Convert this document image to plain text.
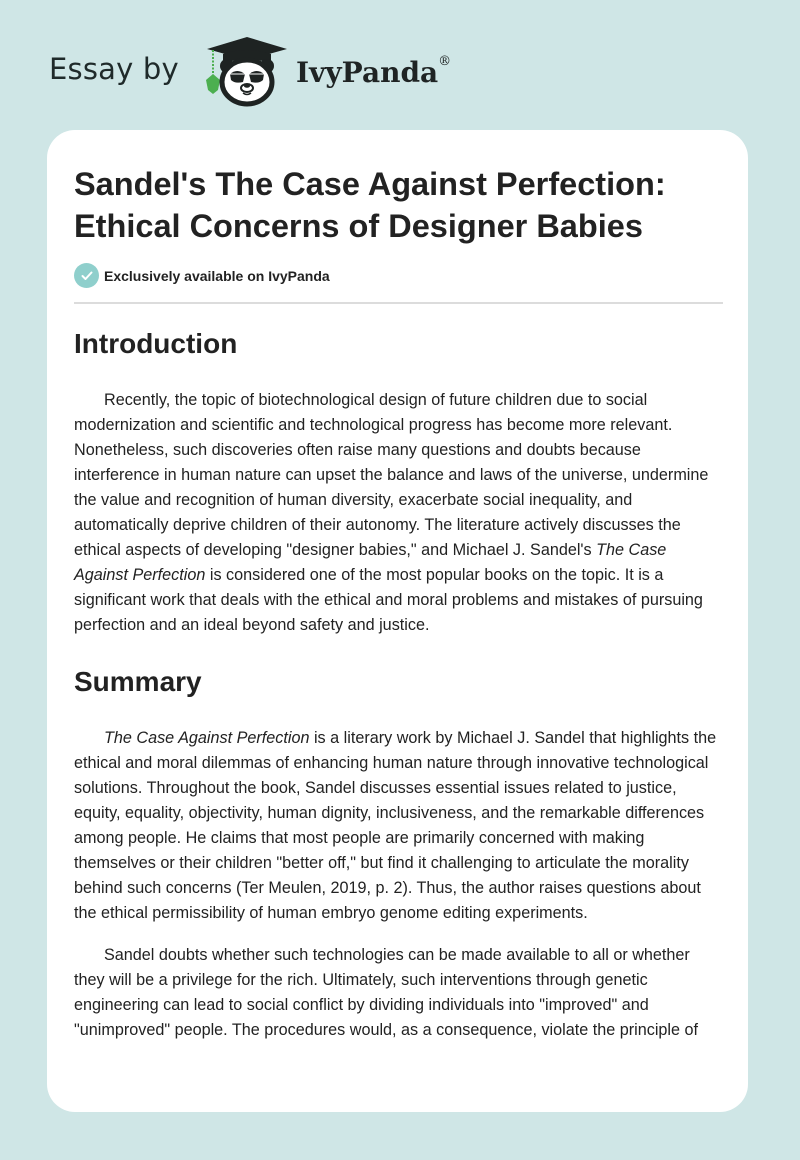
Essay by	IvyPanda®
Sandel's The Case Against Perfection: Ethical Concerns of Designer Babies
Exclusively available on IvyPanda
Introduction

Recently, the topic of biotechnological design of future children due to social modernization and scientific and technological progress has become more relevant. Nonetheless, such discoveries often raise many questions and doubts because interference in human nature can upset the balance and laws of the universe, undermine the value and recognition of human diversity, exacerbate social inequality, and automatically deprive children of their autonomy. The literature actively discusses the ethical aspects of developing "designer babies," and Michael J. Sandel's The Case Against Perfection is considered one of the most popular books on the topic. It is a significant work that deals with the ethical and moral problems and mistakes of pursuing perfection and an ideal beyond safety and justice.

Summary

The Case Against Perfection is a literary work by Michael J. Sandel that highlights the ethical and moral dilemmas of enhancing human nature through innovative technological solutions. Throughout the book, Sandel discusses essential issues related to justice, equity, equality, objectivity, human dignity, inclusiveness, and the remarkable differences among people. He claims that most people are primarily concerned with making themselves or their children "better off," but find it challenging to articulate the morality behind such concerns (Ter Meulen, 2019, p. 2). Thus, the author raises questions about the ethical permissibility of human embryo genome editing experiments.

Sandel doubts whether such technologies can be made available to all or whether they will be a privilege for the rich. Ultimately, such interventions through genetic engineering can lead to social conflict by dividing individuals into "improved" and "unimproved" people. The procedures would, as a consequence, violate the principle of
